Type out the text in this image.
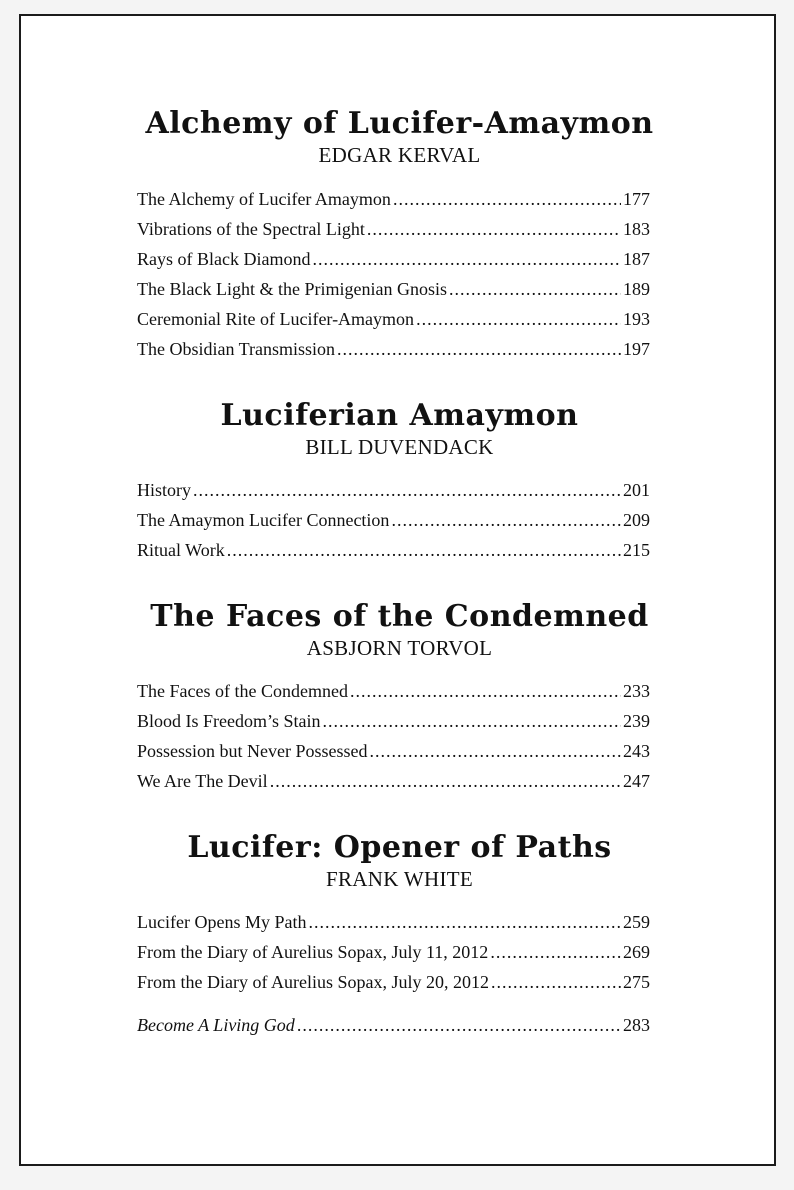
Alchemy of Lucifer-Amaymon
EDGAR KERVAL
The Alchemy of Lucifer Amaymon .....	177
Vibrations of the Spectral Light .....	183
Rays of Black Diamond .....	187
The Black Light & the Primigenian Gnosis .....	189
Ceremonial Rite of Lucifer-Amaymon .....	193
The Obsidian Transmission .....	197
Luciferian Amaymon
BILL DUVENDACK
History .....	201
The Amaymon Lucifer Connection .....	209
Ritual Work .....	215
The Faces of the Condemned
ASBJORN TORVOL
The Faces of the Condemned .....	233
Blood Is Freedom’s Stain .....	239
Possession but Never Possessed .....	243
We Are The Devil .....	247
Lucifer: Opener of Paths
FRANK WHITE
Lucifer Opens My Path .....	259
From the Diary of Aurelius Sopax, July 11, 2012 .....	269
From the Diary of Aurelius Sopax, July 20, 2012 .....	275
Become A Living God .....	283
